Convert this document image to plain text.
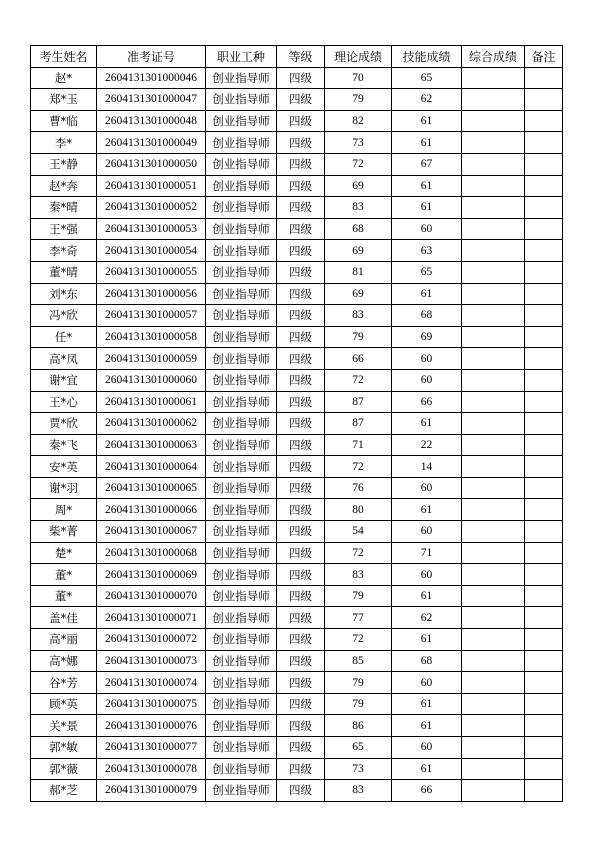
考生姓名	准考证号	职业工种	等级	理论成绩	技能成绩	综合成绩	备注
赵*	2604131301000046	创业指导师	四级	70	65		
郑*玉	2604131301000047	创业指导师	四级	79	62		
曹*临	2604131301000048	创业指导师	四级	82	61		
李*	2604131301000049	创业指导师	四级	73	61		
王*静	2604131301000050	创业指导师	四级	72	67		
赵*奔	2604131301000051	创业指导师	四级	69	61		
秦*晴	2604131301000052	创业指导师	四级	83	61		
王*强	2604131301000053	创业指导师	四级	68	60		
李*奇	2604131301000054	创业指导师	四级	69	63		
董*晴	2604131301000055	创业指导师	四级	81	65		
刘*东	2604131301000056	创业指导师	四级	69	61		
冯*欣	2604131301000057	创业指导师	四级	83	68		
任*	2604131301000058	创业指导师	四级	79	69		
高*凤	2604131301000059	创业指导师	四级	66	60		
谢*宜	2604131301000060	创业指导师	四级	72	60		
王*心	2604131301000061	创业指导师	四级	87	66		
贾*欣	2604131301000062	创业指导师	四级	87	61		
秦*飞	2604131301000063	创业指导师	四级	71	22		
安*英	2604131301000064	创业指导师	四级	72	14		
谢*羽	2604131301000065	创业指导师	四级	76	60		
周*	2604131301000066	创业指导师	四级	80	61		
柴*菁	2604131301000067	创业指导师	四级	54	60		
楚*	2604131301000068	创业指导师	四级	72	71		
董*	2604131301000069	创业指导师	四级	83	60		
董*	2604131301000070	创业指导师	四级	79	61		
盖*佳	2604131301000071	创业指导师	四级	77	62		
高*丽	2604131301000072	创业指导师	四级	72	61		
高*娜	2604131301000073	创业指导师	四级	85	68		
谷*芳	2604131301000074	创业指导师	四级	79	60		
顾*英	2604131301000075	创业指导师	四级	79	61		
关*景	2604131301000076	创业指导师	四级	86	61		
郭*敏	2604131301000077	创业指导师	四级	65	60		
郭*薇	2604131301000078	创业指导师	四级	73	61		
郝*芝	2604131301000079	创业指导师	四级	83	66		
